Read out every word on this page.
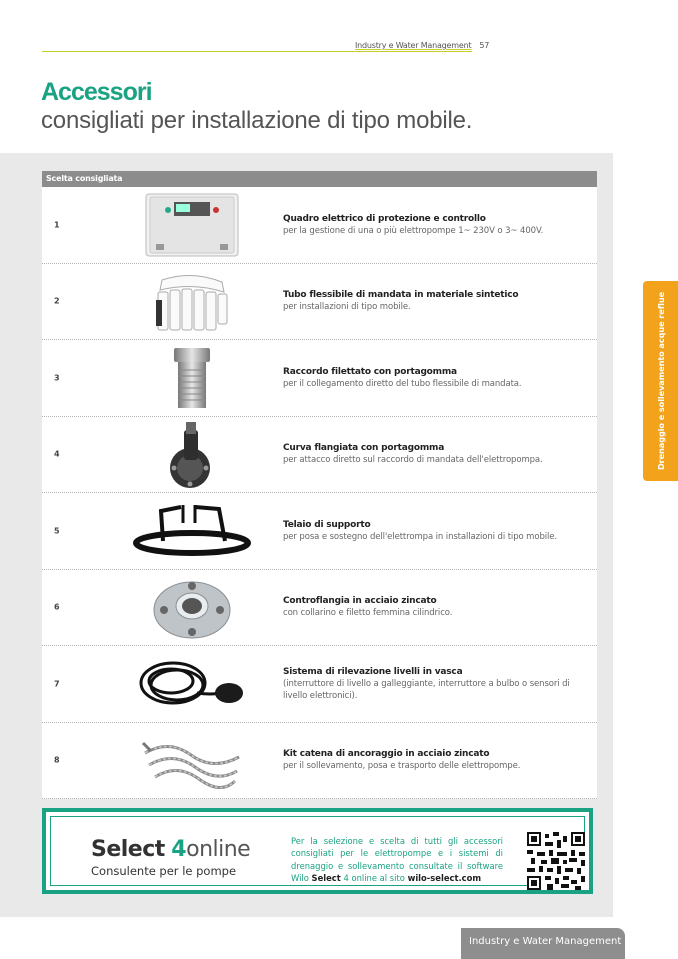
Industry e Water Management 57
Accessori
consigliati per installazione di tipo mobile.
Scelta consigliata
1
Quadro elettrico di protezione e controllo
per la gestione di una o più elettropompe 1~ 230V o 3~ 400V.
2
Tubo flessibile di mandata in materiale sintetico
per installazioni di tipo mobile.
3
Raccordo filettato con portagomma
per il collegamento diretto del tubo flessibile di mandata.
4
Curva flangiata con portagomma
per attacco diretto sul raccordo di mandata dell'elettropompa.
5
Telaio di supporto
per posa e sostegno dell'elettrompa in installazioni di tipo mobile.
6
Controflangia in acciaio zincato
con collarino e filetto femmina cilindrico.
7
Sistema di rilevazione livelli in vasca
(interruttore di livello a galleggiante, interruttore a bulbo o sensori di livello elettronici).
8
Kit catena di ancoraggio in acciaio zincato
per il sollevamento, posa e trasporto delle elettropompe.
Select 4online
Consulente per le pompe
Per la selezione e scelta di tutti gli accessori consigliati per le elettropompe e i sistemi di drenaggio e sollevamento consultate il software Wilo Select 4 online al sito wilo-select.com
Drenaggio e sollevamento acque reflue
Industry e Water Management
